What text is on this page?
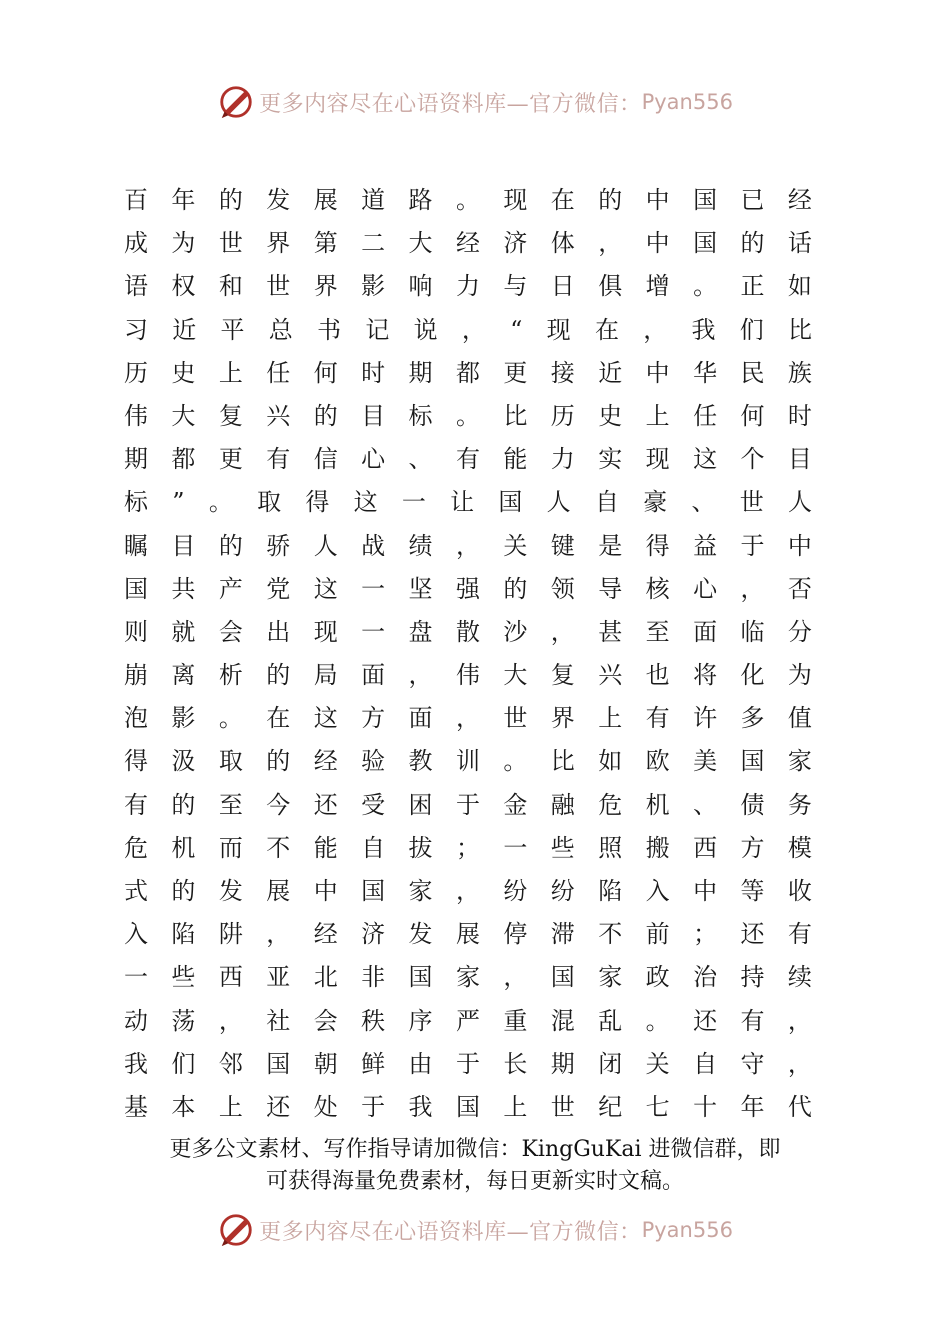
更多内容尽在心语资料库—官方微信： Pyan556
百 年 的 发 展 道 路 。 现 在 的 中 国 已 经
成 为 世 界 第 二 大 经 济 体 ， 中 国 的 话
语 权 和 世 界 影 响 力 与 日 俱 增 。 正 如
习 近 平 总 书 记 说 ， “ 现 在 ， 我 们 比
历 史 上 任 何 时 期 都 更 接 近 中 华 民 族
伟 大 复 兴 的 目 标 。 比 历 史 上 任 何 时
期 都 更 有 信 心 、 有 能 力 实 现 这 个 目
标 ” 。 取 得 这 一 让 国 人 自 豪 、 世 人
瞩 目 的 骄 人 战 绩 ， 关 键 是 得 益 于 中
国 共 产 党 这 一 坚 强 的 领 导 核 心 ， 否
则 就 会 出 现 一 盘 散 沙 ， 甚 至 面 临 分
崩 离 析 的 局 面 ， 伟 大 复 兴 也 将 化 为
泡 影 。 在 这 方 面 ， 世 界 上 有 许 多 值
得 汲 取 的 经 验 教 训 。 比 如 欧 美 国 家
有 的 至 今 还 受 困 于 金 融 危 机 、 债 务
危 机 而 不 能 自 拔 ； 一 些 照 搬 西 方 模
式 的 发 展 中 国 家 ， 纷 纷 陷 入 中 等 收
入 陷 阱 ， 经 济 发 展 停 滞 不 前 ； 还 有
一 些 西 亚 北 非 国 家 ， 国 家 政 治 持 续
动 荡 ， 社 会 秩 序 严 重 混 乱 。 还 有 ，
我 们 邻 国 朝 鲜 由 于 长 期 闭 关 自 守 ，
基 本 上 还 处 于 我 国 上 世 纪 七 十 年 代
更多公文素材、写作指导请加微信：KingGuKai 进微信群，即
可获得海量免费素材，每日更新实时文稿。
更多内容尽在心语资料库—官方微信： Pyan556
